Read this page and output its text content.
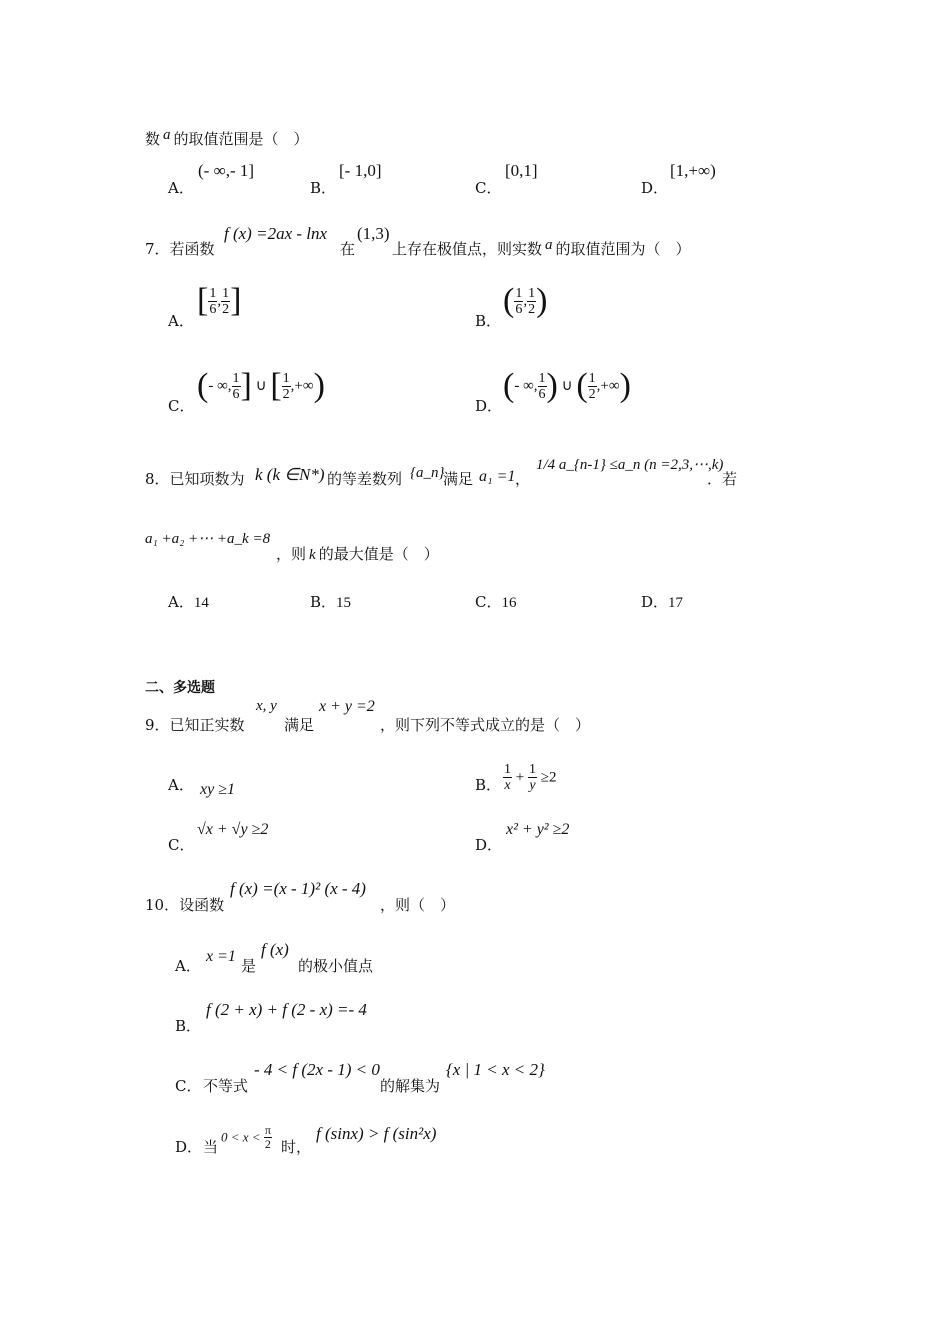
数 a 的取值范围是（　）
A．
(- ∞,- 1]
B．
[- 1,0]
C．
[0,1]
D．
[1,+∞)
7．若函数
f (x) =2ax - lnx
在
(1,3)
上存在极值点，则实数 a 的取值范围为（　）
A．
[ $\frac{1}{6}$ , $\frac{1}{2}$ ]
B．
( $\frac{1}{6}$ , $\frac{1}{2}$ )
C．
(- ∞, $\frac{1}{6}$ ] ∪ [ $\frac{1}{2}$ ,+∞)
D．
(- ∞, $\frac{1}{6}$ ) ∪ ( $\frac{1}{2}$ ,+∞)
8．已知项数为 k (k ∈N*) 的等差数列 {a_n}
满足 a₁ =1 ，
1/4 a_{n-1} ≤a_n (n =2,3,⋯,k)
．若
a₁ +a₂ +⋯ +a_k =8
，则 k 的最大值是（　）
A．14	B．15	C．16	D．17
二、多选题
9．已知正实数
x, y
满足
x + y =2
，则下列不等式成立的是（　）
A． xy ≥1	B． $\frac{1}{x} + \frac{1}{y} \ge 2$
C．
√x + √y ≥2
D．
x² + y² ≥2
10．设函数
f (x) =(x - 1)² (x - 4)
，则（　）
A．
x =1
是
f (x)
的极小值点
B．
f (2 + x) + f (2 - x) =- 4
C． 不等式
- 4 < f (2x - 1) < 0
的解集为
{x | 1 < x < 2}
D． 当
$0 < x < \frac{\pi}{2}$ 时，
f (sinx) > f (sin²x)
